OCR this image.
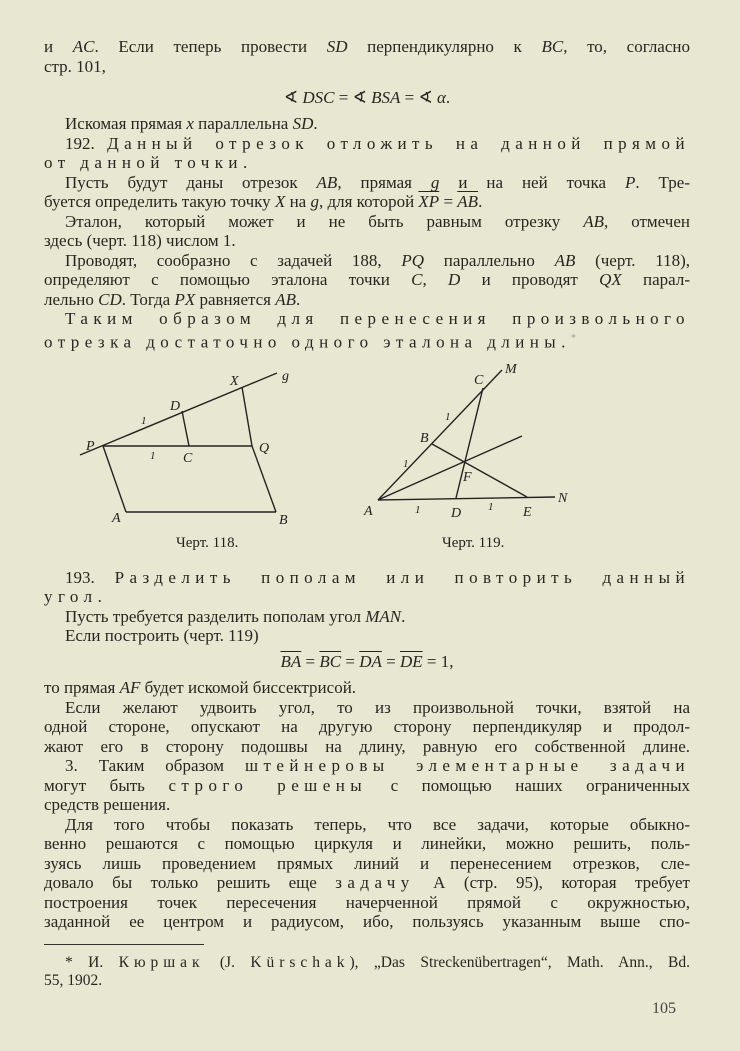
и AC. Если теперь провести SD перпендикулярно к BC, то, согласно
стр. 101,
∢ DSC = ∢ BSA = ∢ α.
Искомая прямая x параллельна SD.
192. Данный отрезок отложить на данной прямой
от данной точки.
Пусть будут даны отрезок AB, прямая g и на ней точка P. Тре-
буется определить такую точку X на g, для которой $\overline{XP} = \overline{AB}$.
Эталон, который может и не быть равным отрезку AB, отмечен
здесь (черт. 118) числом 1.
Проводят, сообразно с задачей 188, PQ параллельно AB (черт. 118),
определяют с помощью эталона точки C, D и проводят QX парал-
лельно CD. Тогда PX равняется AB.
Таким образом для перенесения произвольного
отрезка достаточно одного эталона длины.*
193. Разделить пополам или повторить данный
угол.
Пусть требуется разделить пополам угол MAN.
Если построить (черт. 119)
$\overline{BA} = \overline{BC} = \overline{DA} = \overline{DE} = 1$,
то прямая AF будет искомой биссектрисой.
Если желают удвоить угол, то из произвольной точки, взятой на
одной стороне, опускают на другую сторону перпендикуляр и продол-
жают его в сторону подошвы на длину, равную его собственной длине.
3. Таким образом штейнеровы элементарные задачи
могут быть строго решены с помощью наших ограниченных
средств решения.
Для того чтобы показать теперь, что все задачи, которые обыкно-
венно решаются с помощью циркуля и линейки, можно решить, поль-
зуясь лишь проведением прямых линий и перенесением отрезков, сле-
довало бы только решить еще задачу А (стр. 95), которая требует
построения точек пересечения начерченной прямой с окружностью,
заданной ее центром и радиусом, ибо, пользуясь указанным выше спо-
* И. Кюршак (J. Kürschak), „Das Streckenübertragen“, Math. Ann., Bd.
55, 1902.
105
g
X
D
1
P
1 C
Q
A	B
Черт. 118.
M
C
1
B
1
F
A	1 D 1 E
N
Черт. 119.
